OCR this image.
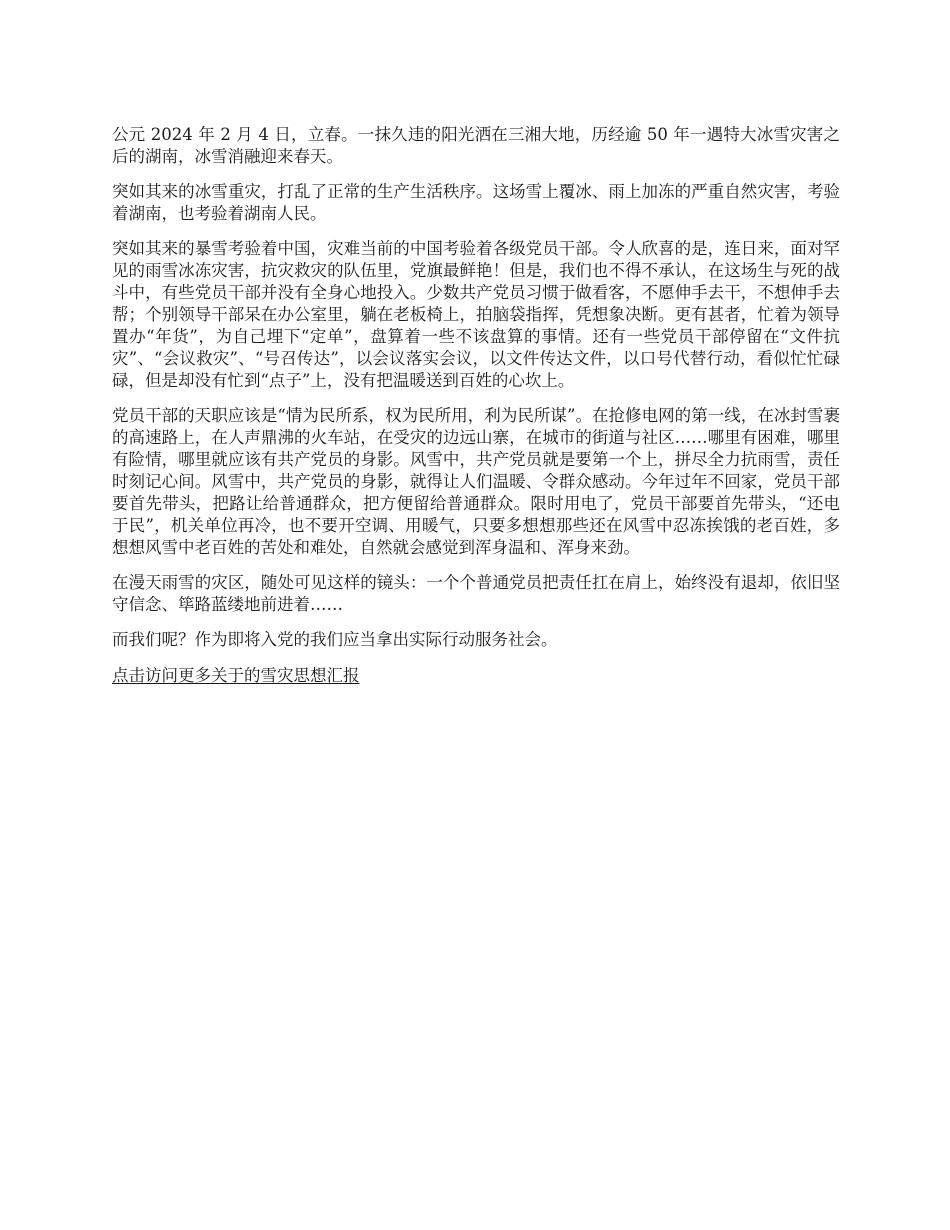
公元 2024 年 2 月 4 日，立春。一抹久违的阳光洒在三湘大地，历经逾 50 年一遇特大冰雪灾害之后的湖南，冰雪消融迎来春天。

突如其来的冰雪重灾，打乱了正常的生产生活秩序。这场雪上覆冰、雨上加冻的严重自然灾害，考验着湖南，也考验着湖南人民。

突如其来的暴雪考验着中国，灾难当前的中国考验着各级党员干部。令人欣喜的是，连日来，面对罕见的雨雪冰冻灾害，抗灾救灾的队伍里，党旗最鲜艳！但是，我们也不得不承认，在这场生与死的战斗中，有些党员干部并没有全身心地投入。少数共产党员习惯于做看客，不愿伸手去干，不想伸手去帮；个别领导干部呆在办公室里，躺在老板椅上，拍脑袋指挥，凭想象决断。更有甚者，忙着为领导置办“年货”，为自己埋下“定单”，盘算着一些不该盘算的事情。还有一些党员干部停留在“文件抗灾”、“会议救灾”、“号召传达”，以会议落实会议，以文件传达文件，以口号代替行动，看似忙忙碌碌，但是却没有忙到“点子”上，没有把温暖送到百姓的心坎上。

党员干部的天职应该是“情为民所系，权为民所用，利为民所谋”。在抢修电网的第一线，在冰封雪裹的高速路上，在人声鼎沸的火车站，在受灾的边远山寨，在城市的街道与社区……哪里有困难，哪里有险情，哪里就应该有共产党员的身影。风雪中，共产党员就是要第一个上，拼尽全力抗雨雪，责任时刻记心间。风雪中，共产党员的身影，就得让人们温暖、令群众感动。今年过年不回家，党员干部要首先带头，把路让给普通群众，把方便留给普通群众。限时用电了，党员干部要首先带头，“还电于民”，机关单位再冷，也不要开空调、用暖气，只要多想想那些还在风雪中忍冻挨饿的老百姓，多想想风雪中老百姓的苦处和难处，自然就会感觉到浑身温和、浑身来劲。

在漫天雨雪的灾区，随处可见这样的镜头：一个个普通党员把责任扛在肩上，始终没有退却，依旧坚守信念、筚路蓝缕地前进着……

而我们呢？作为即将入党的我们应当拿出实际行动服务社会。

点击访问更多关于的雪灾思想汇报
